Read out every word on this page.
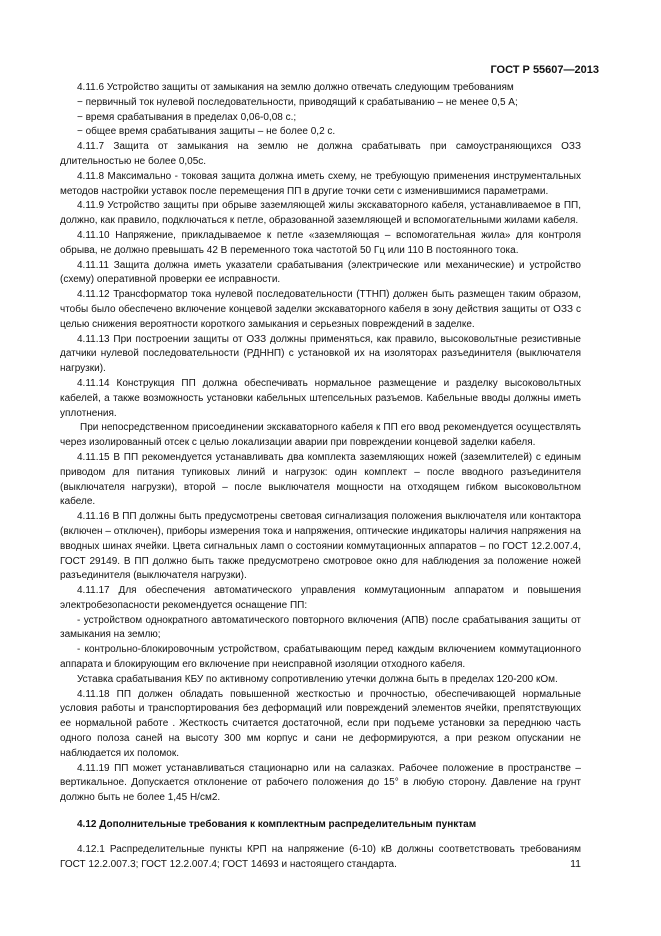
ГОСТ Р 55607—2013

4.11.6 Устройство защиты от замыкания на землю должно отвечать следующим требованиям

− первичный ток нулевой последовательности, приводящий к срабатыванию – не менее 0,5 А;

− время срабатывания в пределах 0,06-0,08 с.;

− общее время срабатывания защиты – не более 0,2 с.

4.11.7 Защита от замыкания на землю не должна срабатывать при самоустраняющихся ОЗЗ длительностью не более 0,05с.

4.11.8 Максимально - токовая защита должна иметь схему, не требующую применения инструментальных методов настройки уставок после перемещения ПП в другие точки сети с изменившимися параметрами.

4.11.9 Устройство защиты при обрыве заземляющей жилы экскаваторного кабеля, устанавливаемое в ПП, должно, как правило, подключаться к петле, образованной заземляющей и вспомогательными жилами кабеля.

4.11.10 Напряжение, прикладываемое к петле «заземляющая – вспомогательная жила» для контроля обрыва, не должно превышать 42 В переменного тока частотой 50 Гц или 110 В постоянного тока.

4.11.11 Защита должна иметь указатели срабатывания (электрические или механические) и устройство (схему) оперативной проверки ее исправности.

4.11.12 Трансформатор тока нулевой последовательности (ТТНП) должен быть размещен таким образом, чтобы было обеспечено включение концевой заделки экскаваторного кабеля в зону действия защиты от ОЗЗ с целью снижения вероятности короткого замыкания и серьезных повреждений в заделке.

4.11.13 При построении защиты от ОЗЗ должны применяться, как правило, высоковольтные резистивные датчики нулевой последовательности (РДННП) с установкой их на изоляторах разъединителя (выключателя нагрузки).

4.11.14 Конструкция ПП должна обеспечивать нормальное размещение и разделку высоковольтных кабелей, а также возможность установки кабельных штепсельных разъемов. Кабельные вводы должны иметь уплотнения.

При непосредственном присоединении экскаваторного кабеля к ПП его ввод рекомендуется осуществлять через изолированный отсек с целью локализации аварии при повреждении концевой заделки кабеля.

4.11.15 В ПП рекомендуется устанавливать два комплекта заземляющих ножей (заземлителей) с единым приводом для питания тупиковых линий и нагрузок: один комплект – после вводного разъединителя (выключателя нагрузки), второй – после выключателя мощности на отходящем гибком высоковольтном кабеле.

4.11.16 В ПП должны быть предусмотрены световая сигнализация положения выключателя или контактора (включен – отключен), приборы измерения тока и напряжения, оптические индикаторы наличия напряжения на вводных шинах ячейки. Цвета сигнальных ламп о состоянии коммутационных аппаратов – по ГОСТ 12.2.007.4, ГОСТ 29149. В ПП должно быть также предусмотрено смотровое окно для наблюдения за положение ножей разъединителя (выключателя нагрузки).

4.11.17 Для обеспечения автоматического управления коммутационным аппаратом и повышения электробезопасности рекомендуется оснащение ПП:

- устройством однократного автоматического повторного включения (АПВ) после срабатывания защиты от замыкания на землю;

- контрольно-блокировочным устройством, срабатывающим перед каждым включением коммутационного аппарата и блокирующим его включение при неисправной изоляции отходного кабеля.

Уставка срабатывания КБУ по активному сопротивлению утечки должна быть в пределах 120-200 кОм.

4.11.18 ПП должен обладать повышенной жесткостью и прочностью, обеспечивающей нормальные условия работы и транспортирования без деформаций или повреждений элементов ячейки, препятствующих ее нормальной работе . Жесткость считается достаточной, если при подъеме установки за переднюю часть одного полоза саней на высоту 300 мм корпус и сани не деформируются, а при резком опускании не наблюдается их поломок.

4.11.19 ПП может устанавливаться стационарно или на салазках. Рабочее положение в пространстве – вертикальное. Допускается отклонение от рабочего положения до 15° в любую сторону. Давление на грунт должно быть не более 1,45 Н/см2.

4.12 Дополнительные требования к комплектным распределительным пунктам

4.12.1 Распределительные пункты КРП на напряжение (6-10) кВ должны соответствовать требованиям ГОСТ 12.2.007.3; ГОСТ 12.2.007.4; ГОСТ 14693 и настоящего стандарта.	11
